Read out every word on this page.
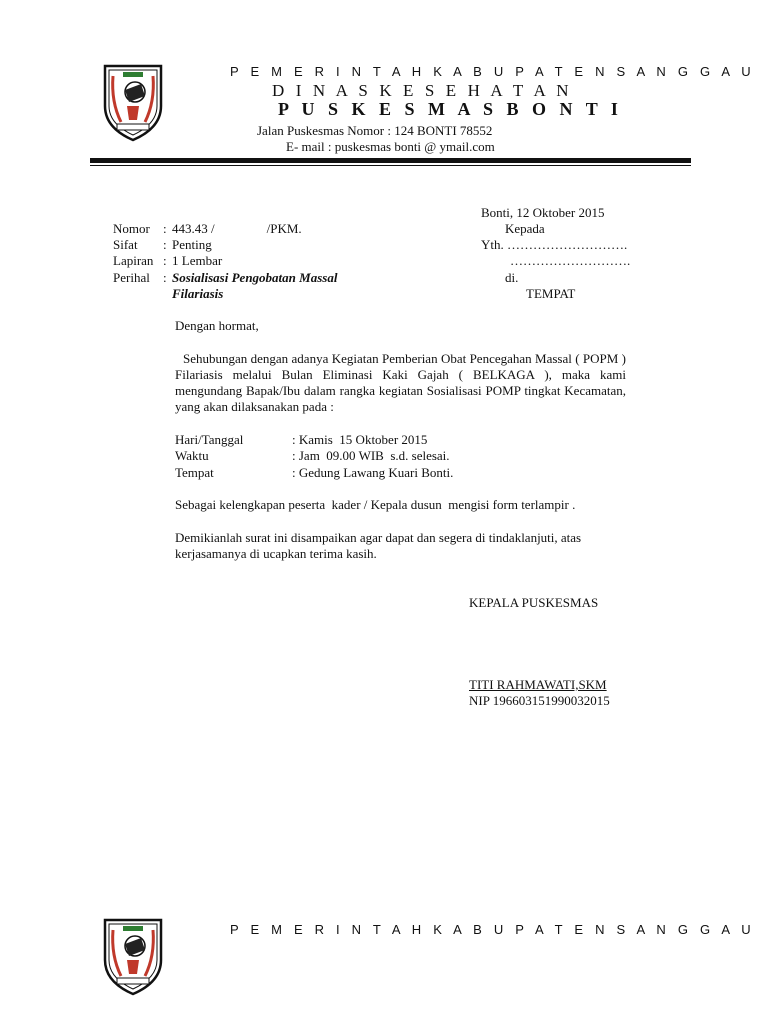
P E M E R I N T A H K A B U P A T E N S A N G G A U
D I N A S K E S E H A T A N
P U S K E S M A S B O N T I
Jalan Puskesmas Nomor : 124 BONTI 78552
E- mail : puskesmas bonti @ ymail.com
Bonti, 12 Oktober 2015
Kepada
Yth. ……………………….
……………………….
di.
TEMPAT
Nomor : 443.43 /                /PKM.
Sifat : Penting
Lapiran : 1 Lembar
Perihal : Sosialisasi Pengobatan Massal
Filariasis
Dengan hormat,
Sehubungan dengan adanya Kegiatan Pemberian Obat Pencegahan Massal ( POPM ) Filariasis melalui Bulan Eliminasi Kaki Gajah ( BELKAGA ), maka kami mengundang Bapak/Ibu dalam rangka kegiatan Sosialisasi POMP tingkat Kecamatan, yang akan dilaksanakan pada :
Hari/Tanggal	: Kamis  15 Oktober 2015
Waktu	: Jam  09.00 WIB  s.d. selesai.
Tempat	: Gedung Lawang Kuari Bonti.
Sebagai kelengkapan peserta  kader / Kepala dusun  mengisi form terlampir .
Demikianlah surat ini disampaikan agar dapat dan segera di tindaklanjuti, atas kerjasamanya di ucapkan terima kasih.
KEPALA PUSKESMAS
TITI RAHMAWATI,SKM
NIP 196603151990032015
P E M E R I N T A H K A B U P A T E N S A N G G A U
